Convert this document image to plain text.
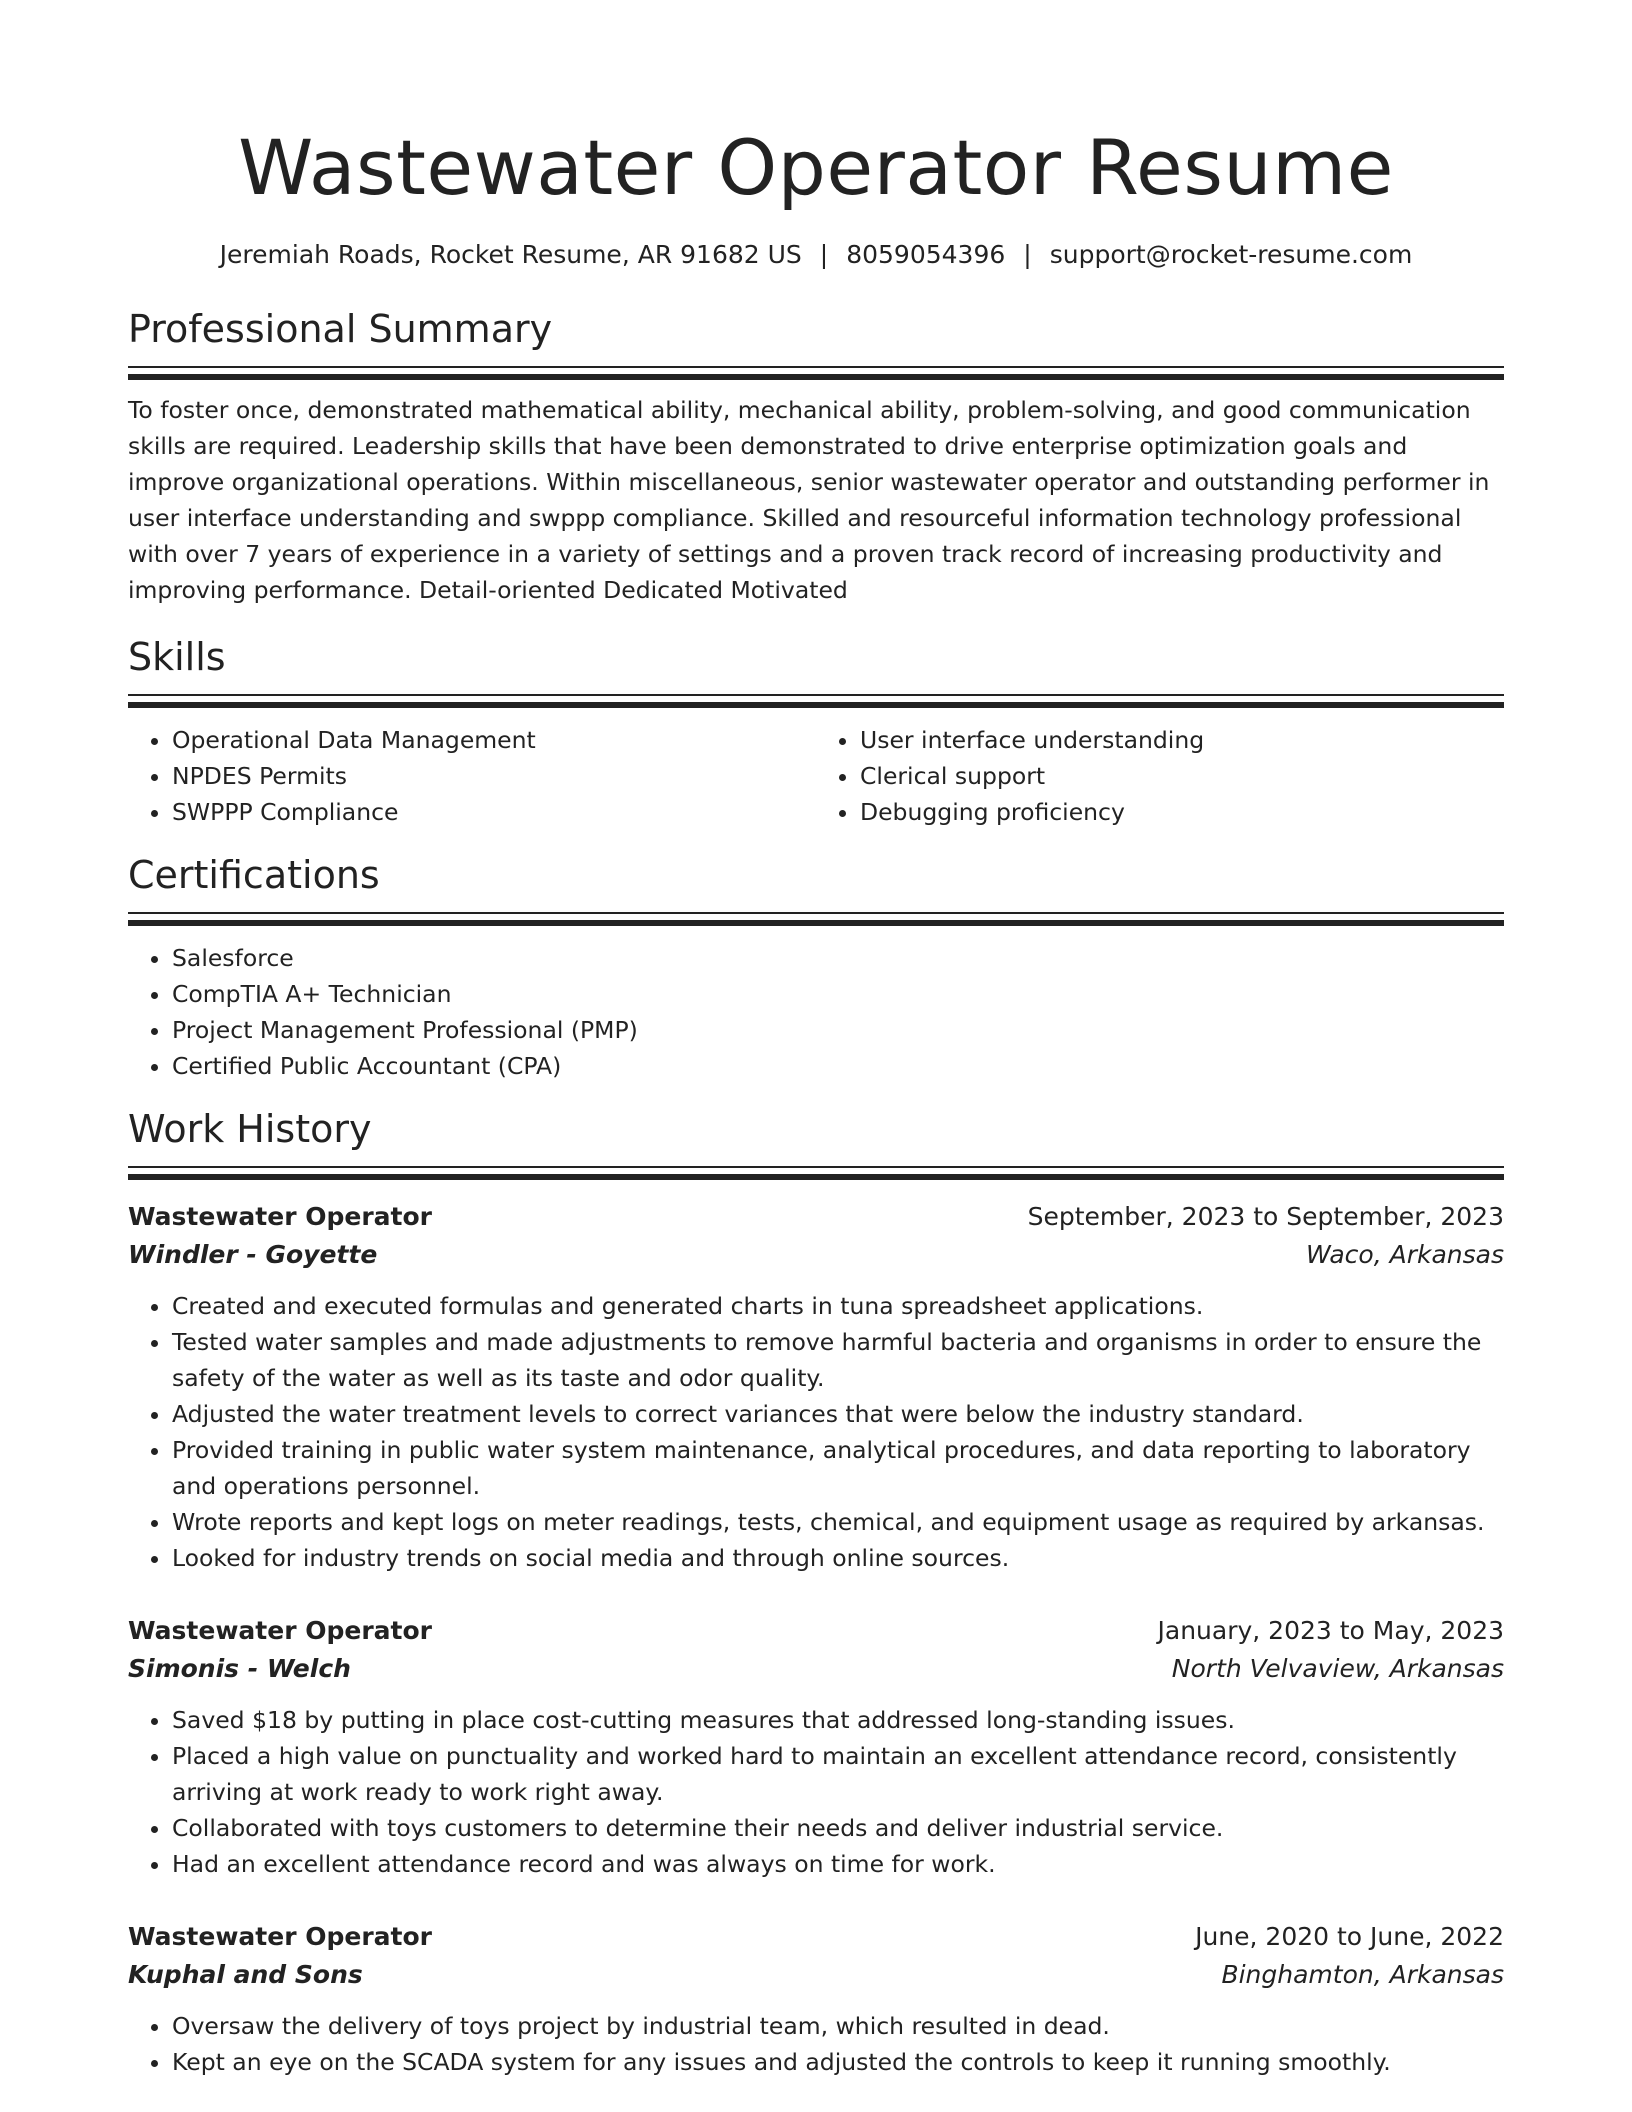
Wastewater Operator Resume
Jeremiah Roads, Rocket Resume, AR 91682 US | 8059054396 | support@rocket-resume.com
Professional Summary

To foster once, demonstrated mathematical ability, mechanical ability, problem-solving, and good communication skills are required. Leadership skills that have been demonstrated to drive enterprise optimization goals and improve organizational operations. Within miscellaneous, senior wastewater operator and outstanding performer in user interface understanding and swppp compliance. Skilled and resourceful information technology professional with over 7 years of experience in a variety of settings and a proven track record of increasing productivity and improving performance. Detail-oriented Dedicated Motivated

Skills
• Operational Data Management
• NPDES Permits
• SWPPP Compliance
• User interface understanding
• Clerical support
• Debugging proficiency
Certifications
• Salesforce
• CompTIA A+ Technician
• Project Management Professional (PMP)
• Certified Public Accountant (CPA)
Work History
Wastewater Operator	September, 2023 to September, 2023
Windler - Goyette	Waco, Arkansas
• Created and executed formulas and generated charts in tuna spreadsheet applications.
• Tested water samples and made adjustments to remove harmful bacteria and organisms in order to ensure the safety of the water as well as its taste and odor quality.
• Adjusted the water treatment levels to correct variances that were below the industry standard.
• Provided training in public water system maintenance, analytical procedures, and data reporting to laboratory and operations personnel.
• Wrote reports and kept logs on meter readings, tests, chemical, and equipment usage as required by arkansas.
• Looked for industry trends on social media and through online sources.
Wastewater Operator	January, 2023 to May, 2023
Simonis - Welch	North Velvaview, Arkansas
• Saved $18 by putting in place cost-cutting measures that addressed long-standing issues.
• Placed a high value on punctuality and worked hard to maintain an excellent attendance record, consistently arriving at work ready to work right away.
• Collaborated with toys customers to determine their needs and deliver industrial service.
• Had an excellent attendance record and was always on time for work.
Wastewater Operator	June, 2020 to June, 2022
Kuphal and Sons	Binghamton, Arkansas
• Oversaw the delivery of toys project by industrial team, which resulted in dead.
• Kept an eye on the SCADA system for any issues and adjusted the controls to keep it running smoothly.
